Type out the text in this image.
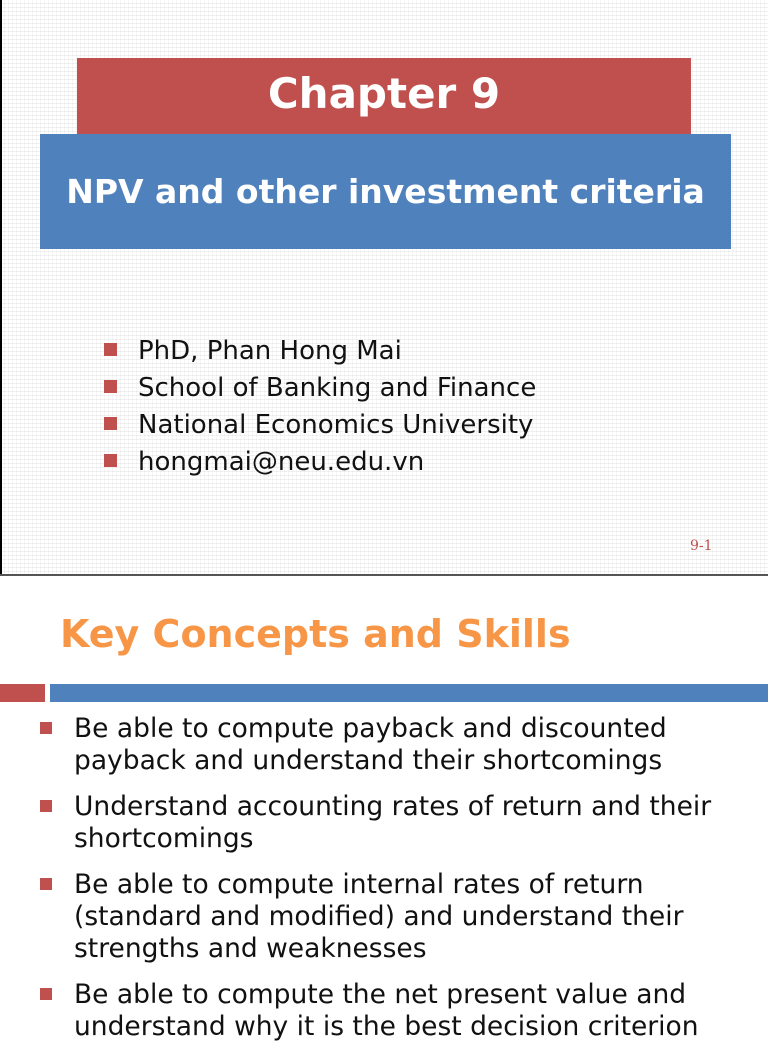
Chapter 9
NPV and other investment criteria
PhD, Phan Hong Mai
School of Banking and Finance
National Economics University
hongmai@neu.edu.vn
9-1
Key Concepts and Skills
Be able to compute payback and discounted payback and understand their shortcomings
Understand accounting rates of return and their shortcomings
Be able to compute internal rates of return (standard and modified) and understand their strengths and weaknesses
Be able to compute the net present value and understand why it is the best decision criterion
